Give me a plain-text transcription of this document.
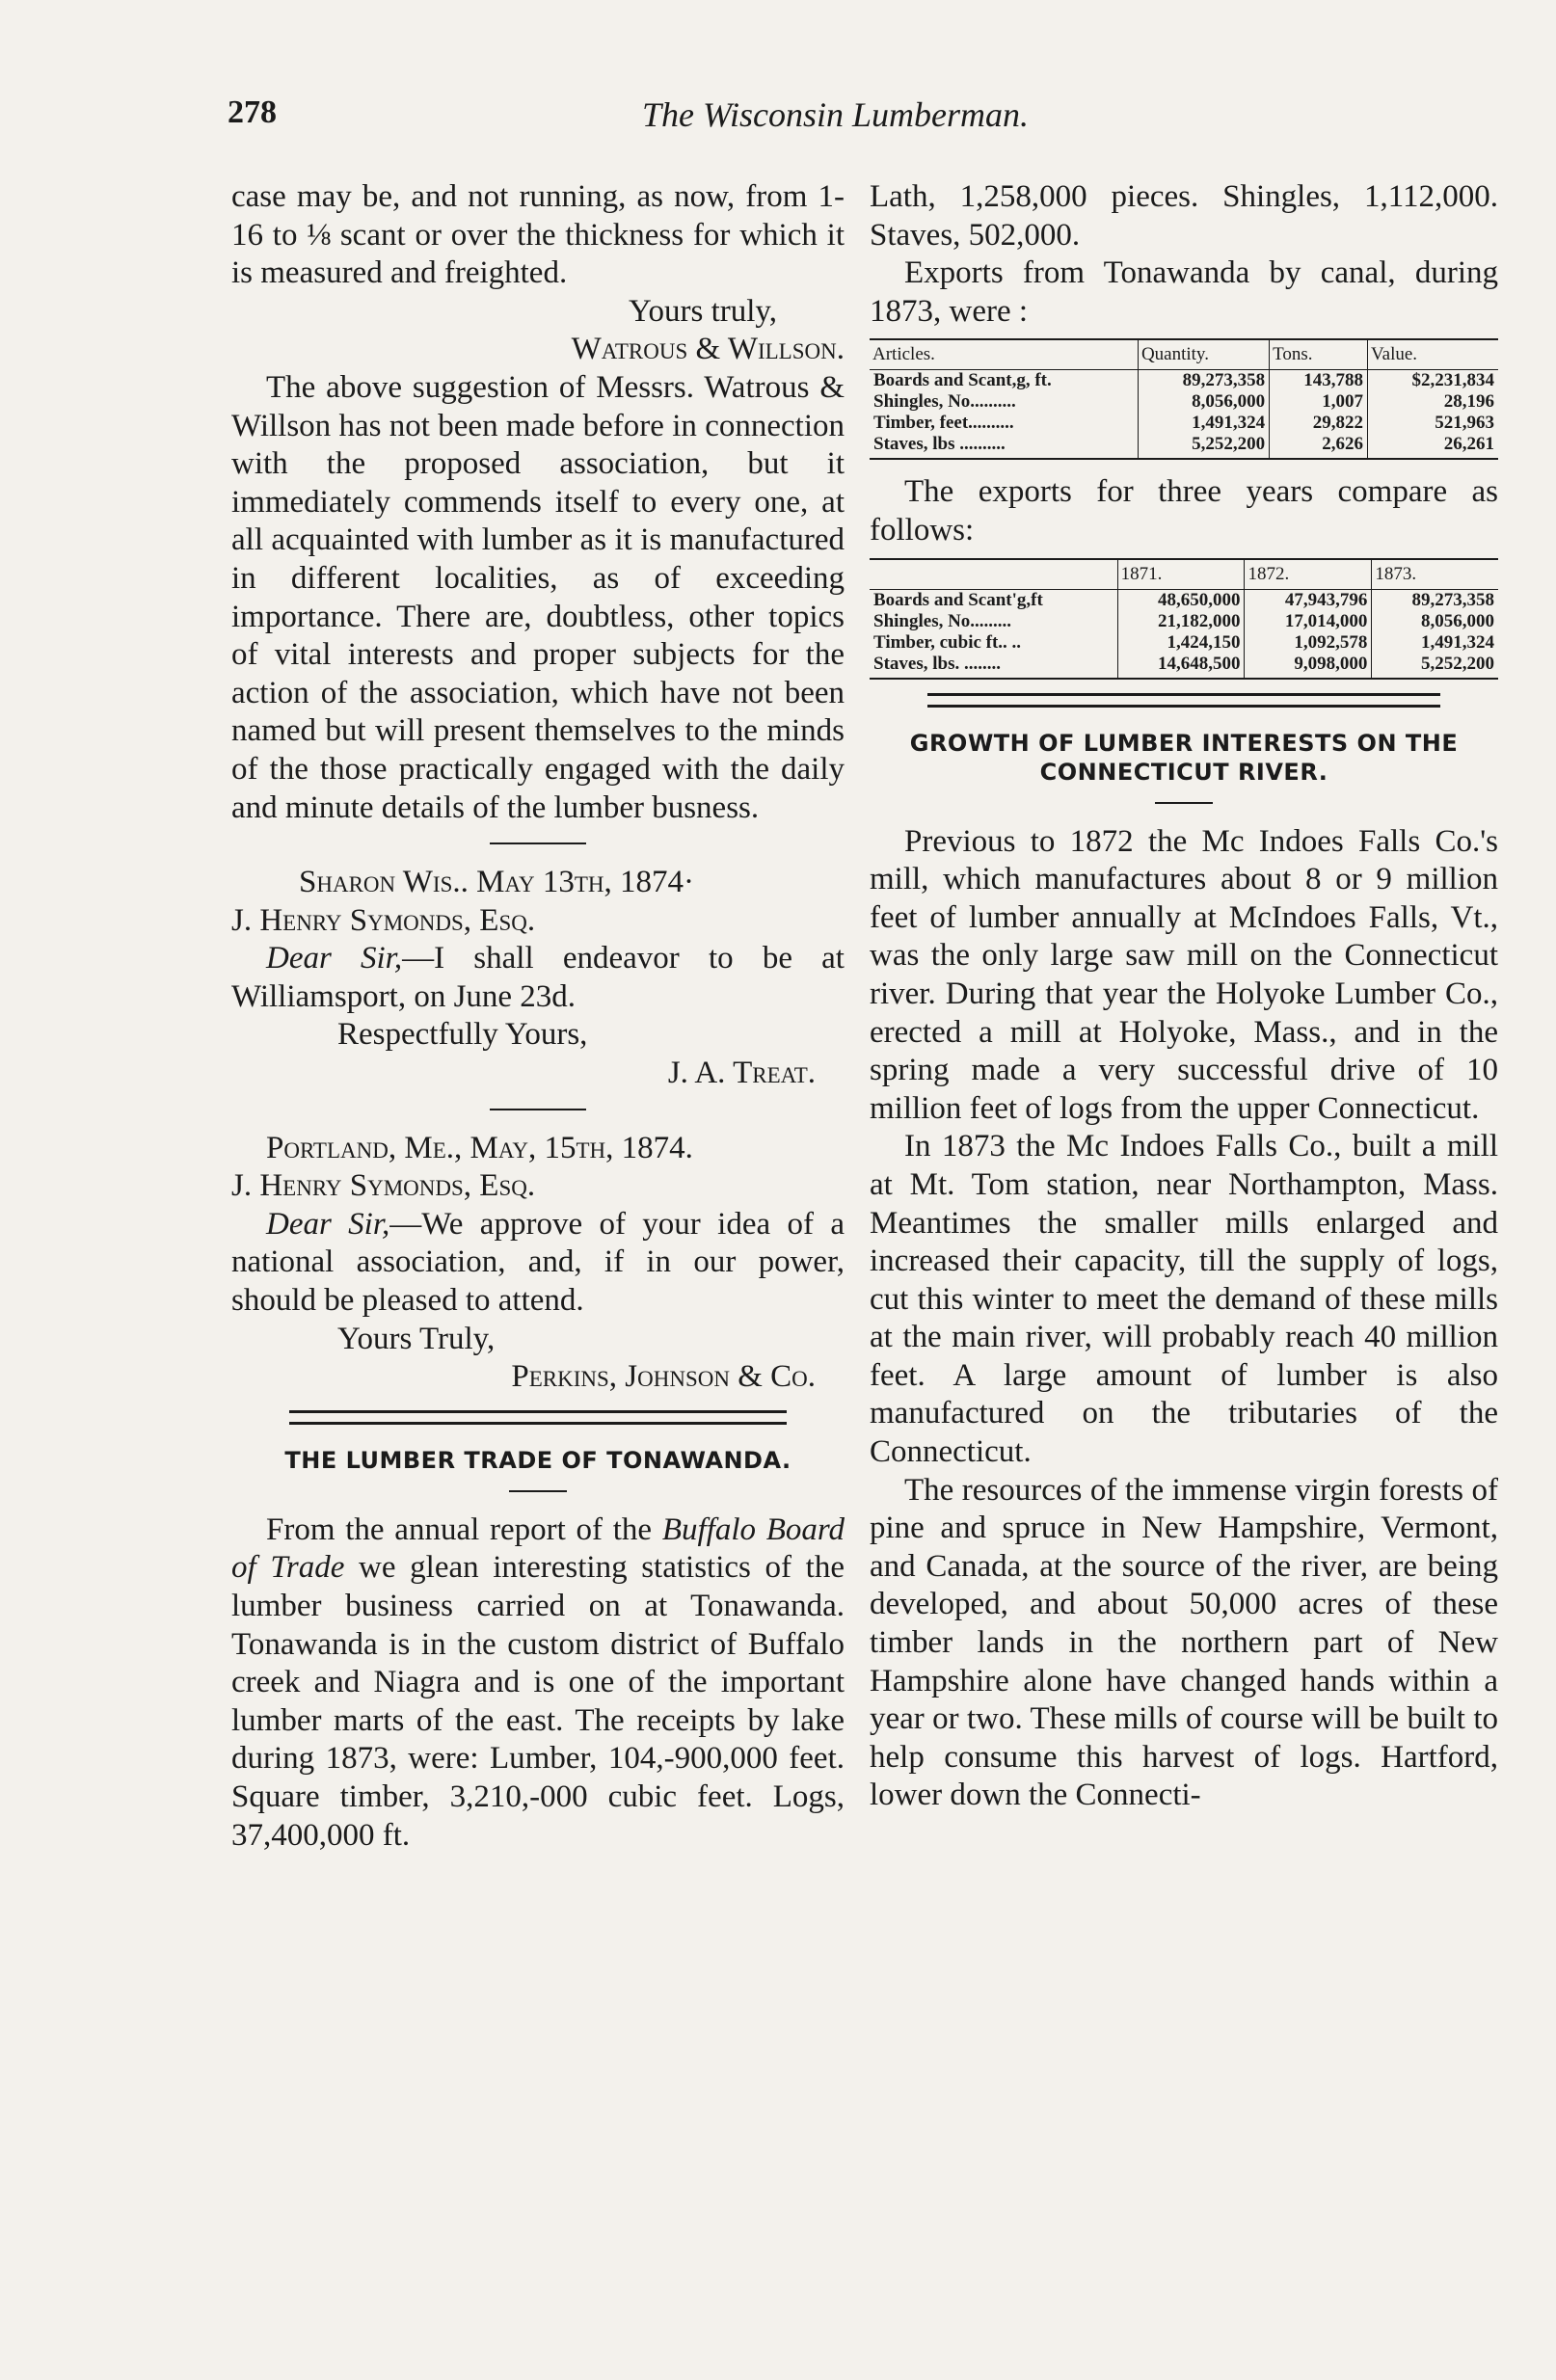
278	The Wisconsin Lumberman.

case may be, and not running, as now, from 1-16 to ⅛ scant or over the thickness for which it is measured and freighted.

Yours truly,

Watrous & Willson.

The above suggestion of Messrs. Watrous & Willson has not been made before in connection with the proposed association, but it immediately commends itself to every one, at all acquainted with lumber as it is manufactured in different localities, as of exceeding importance. There are, doubtless, other topics of vital interests and proper subjects for the action of the association, which have not been named but will present themselves to the minds of the those practically engaged with the daily and minute details of the lumber busness.

Sharon Wis.. May 13th, 1874·

J. Henry Symonds, Esq.

Dear Sir,—I shall endeavor to be at Williamsport, on June 23d.

Respectfully Yours,

J. A. Treat.

Portland, Me., May, 15th, 1874.

J. Henry Symonds, Esq.

Dear Sir,—We approve of your idea of a national association, and, if in our power, should be pleased to attend.

Yours Truly,

Perkins, Johnson & Co.

THE LUMBER TRADE OF TONAWANDA.

From the annual report of the Buffalo Board of Trade we glean interesting statistics of the lumber business carried on at Tonawanda. Tonawanda is in the custom district of Buffalo creek and Niagra and is one of the important lumber marts of the east. The receipts by lake during 1873, were: Lumber, 104,-900,000 feet. Square timber, 3,210,-000 cubic feet. Logs, 37,400,000 ft.

Lath, 1,258,000 pieces. Shingles, 1,112,000. Staves, 502,000.

Exports from Tonawanda by canal, during 1873, were :

Articles.	Quantity.	Tons.	Value.
Boards and Scant,g, ft.	89,273,358	143,788	$2,231,834
Shingles, No..........	8,056,000	1,007	28,196
Timber, feet..........	1,491,324	29,822	521,963
Staves, lbs ..........	5,252,200	2,626	26,261

The exports for three years compare as follows:

	1871.	1872.	1873.
Boards and Scant'g,ft	48,650,000	47,943,796	89,273,358
Shingles, No.........	21,182,000	17,014,000	8,056,000
Timber, cubic ft.. ..	1,424,150	1,092,578	1,491,324
Staves, lbs. ........	14,648,500	9,098,000	5,252,200

GROWTH OF LUMBER INTERESTS ON THE CONNECTICUT RIVER.

Previous to 1872 the Mc Indoes Falls Co.'s mill, which manufactures about 8 or 9 million feet of lumber annually at McIndoes Falls, Vt., was the only large saw mill on the Connecticut river. During that year the Holyoke Lumber Co., erected a mill at Holyoke, Mass., and in the spring made a very successful drive of 10 million feet of logs from the upper Connecticut.

In 1873 the Mc Indoes Falls Co., built a mill at Mt. Tom station, near Northampton, Mass. Meantimes the smaller mills enlarged and increased their capacity, till the supply of logs, cut this winter to meet the demand of these mills at the main river, will probably reach 40 million feet. A large amount of lumber is also manufactured on the tributaries of the Connecticut.

The resources of the immense virgin forests of pine and spruce in New Hampshire, Vermont, and Canada, at the source of the river, are being developed, and about 50,000 acres of these timber lands in the northern part of New Hampshire alone have changed hands within a year or two. These mills of course will be built to help consume this harvest of logs. Hartford, lower down the Connecti-
